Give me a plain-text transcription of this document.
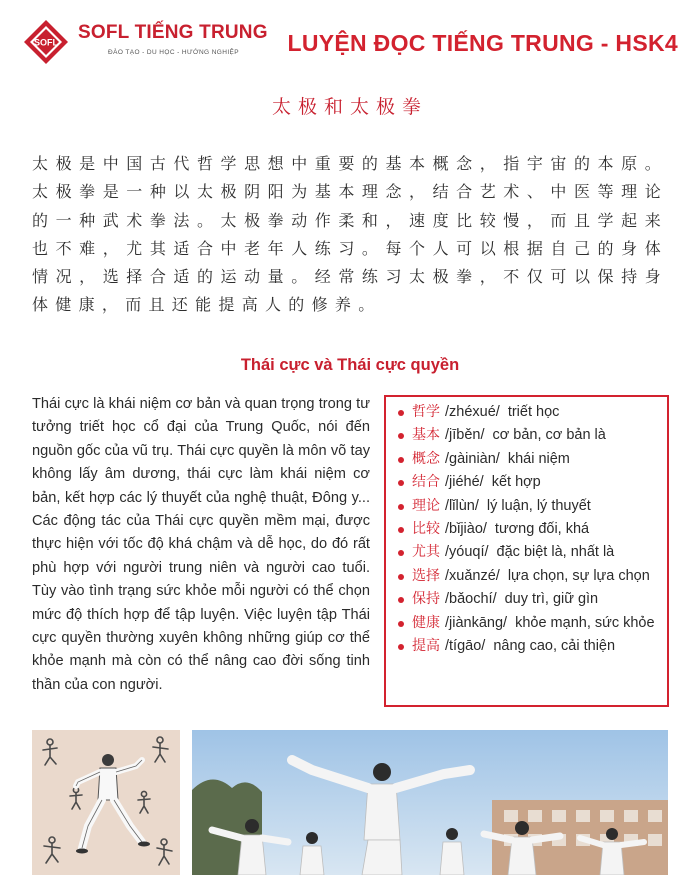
SOFL SOFL TIẾNG TRUNG
ĐÀO TẠO - DU HỌC - HƯỚNG NGHIỆP LUYỆN ĐỌC TIẾNG TRUNG - HSK4
太极和太极拳
太极是中国古代哲学思想中重要的基本概念，指宇宙的本原。太极拳是一种以太极阴阳为基本理念，结合艺术、中医等理论的一种武术拳法。太极拳动作柔和，速度比较慢，而且学起来也不难，尤其适合中老年人练习。每个人可以根据自己的身体情况，选择合适的运动量。经常练习太极拳，不仅可以保持身体健康，而且还能提高人的修养。
Thái cực và Thái cực quyền
Thái cực là khái niệm cơ bản và quan trọng trong tư tưởng triết học cổ đại của Trung Quốc, nói đến nguồn gốc của vũ trụ. Thái cực quyền là môn võ tay không lấy âm dương, thái cực làm khái niệm cơ bản, kết hợp các lý thuyết của nghệ thuật, Đông y... Các động tác của Thái cực quyền mềm mại, được thực hiện với tốc độ khá chậm và dễ học, do đó rất phù hợp với người trung niên và người cao tuổi. Tùy vào tình trạng sức khỏe mỗi người có thể chọn mức độ thích hợp để tập luyện. Việc luyện tập Thái cực quyền thường xuyên không những giúp cơ thể khỏe mạnh mà còn có thể nâng cao đời sống tinh thần của con người.
哲学 /zhéxué/ triết học
基本 /jīběn/ cơ bản, cơ bản là
概念 /gàiniàn/ khái niệm
结合 /jiéhé/ kết hợp
理论 /lǐlùn/ lý luận, lý thuyết
比较 /bǐjiào/ tương đối, khá
尤其 /yóuqí/ đặc biệt là, nhất là
选择 /xuǎnzé/ lựa chọn, sự lựa chọn
保持 /bǎochí/ duy trì, giữ gìn
健康 /jiànkāng/ khỏe mạnh, sức khỏe
提高 /tígāo/ nâng cao, cải thiện
